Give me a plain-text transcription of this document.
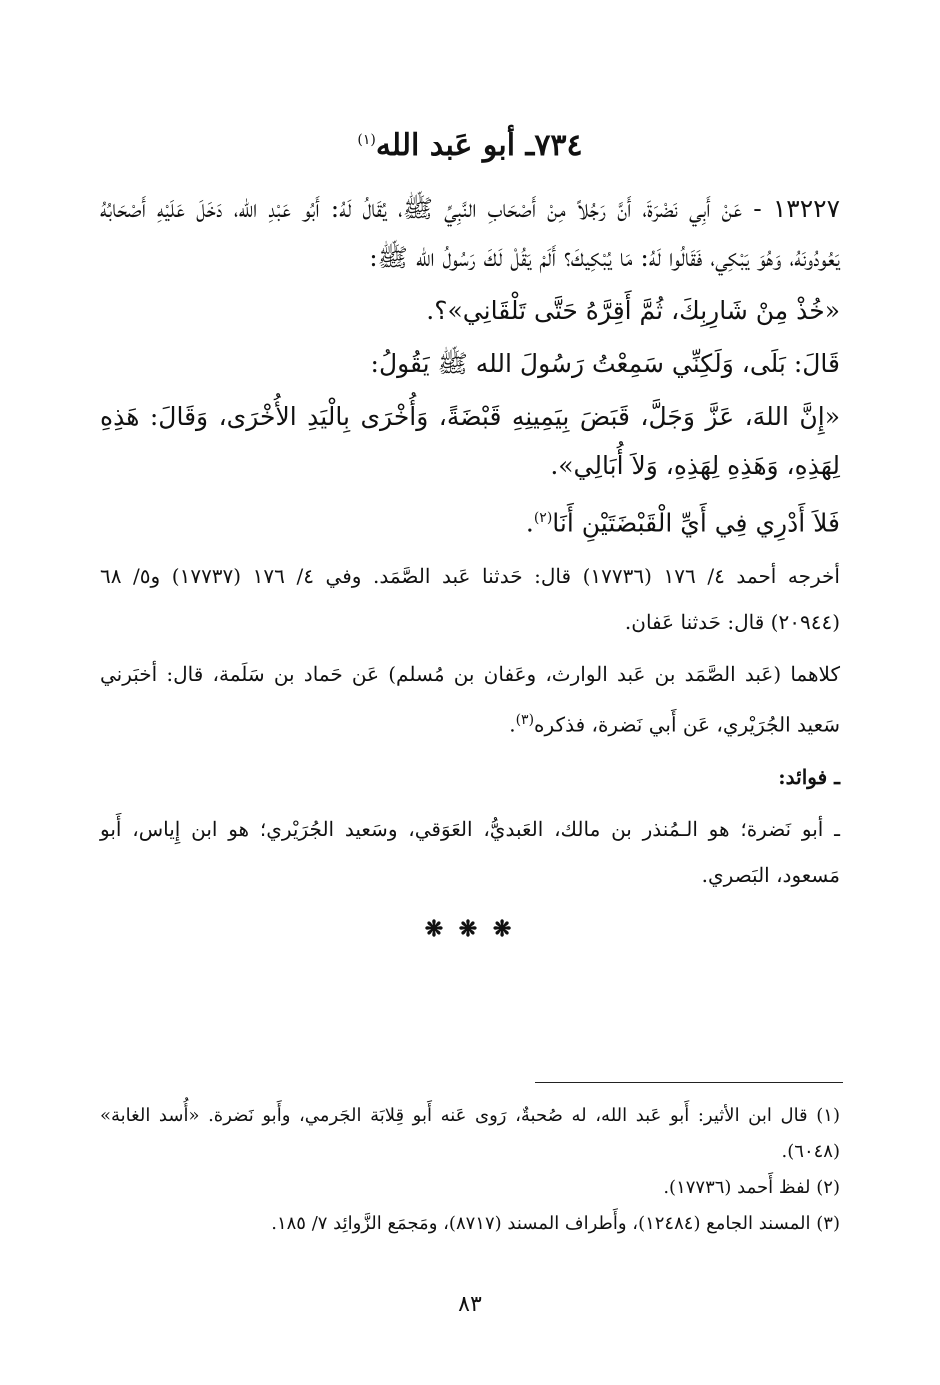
٧٣٤ـ أبو عَبد الله$^{(١)}$

١٣٢٢٧ - عَنْ أَبِي نَضْرَةَ، أَنَّ رَجُلاً مِنْ أَصْحَابِ النَّبِيِّ ﷺ، يُقَالُ لَهُ: أَبُو عَبْدِ الله، دَخَلَ عَلَيْهِ أَصْحَابُهُ يَعُودُونَهُ، وَهُوَ يَبْكِي، فَقَالُوا لَهُ: مَا يُبْكِيكَ؟ أَلَمْ يَقُلْ لَكَ رَسُولُ الله ﷺ:

«خُذْ مِنْ شَارِبِكَ، ثُمَّ أَقِرَّهُ حَتَّى تَلْقَانِي»؟.

قَالَ: بَلَى، وَلَكِنِّي سَمِعْتُ رَسُولَ الله ﷺ يَقُولُ:

«إِنَّ اللهَ، عَزَّ وَجَلَّ، قَبَضَ بِيَمِينِهِ قَبْضَةً، وَأُخْرَى بِالْيَدِ الأُخْرَى، وَقَالَ: هَذِهِ لِهَذِهِ، وَهَذِهِ لِهَذِهِ، وَلاَ أُبَالِي».

فَلاَ أَدْرِي فِي أَيِّ الْقَبْضَتَيْنِ أَنَا$^{(٢)}$.

أخرجه أحمد ٤/ ١٧٦ (١٧٧٣٦) قال: حَدثنا عَبد الصَّمَد. وفي ٤/ ١٧٦ (١٧٧٣٧) و٥/ ٦٨ (٢٠٩٤٤) قال: حَدثنا عَفان.

كلاهما (عَبد الصَّمَد بن عَبد الوارث، وعَفان بن مُسلم) عَن حَماد بن سَلَمة، قال: أخبَرني سَعيد الجُرَيْري، عَن أَبي نَضرة، فذكره$^{(٣)}$.

ـ فوائد:

ـ أبو نَضرة؛ هو الـمُنذر بن مالك، العَبديُّ، العَوَقي، وسَعيد الجُرَيْري؛ هو ابن إِياس، أَبو مَسعود، البَصري.

❋ ❋ ❋

(١) قال ابن الأثير: أَبو عَبد الله، له صُحبةٌ، رَوى عَنه أَبو قِلابَة الجَرمي، وأَبو نَضرة. «أُسد الغابة» (٦٠٤٨).

(٢) لفظ أَحمد (١٧٧٣٦).

(٣) المسند الجامع (١٢٤٨٤)، وأَطراف المسند (٨٧١٧)، ومَجمَع الزَّوائِد ٧/ ١٨٥.

٨٣
